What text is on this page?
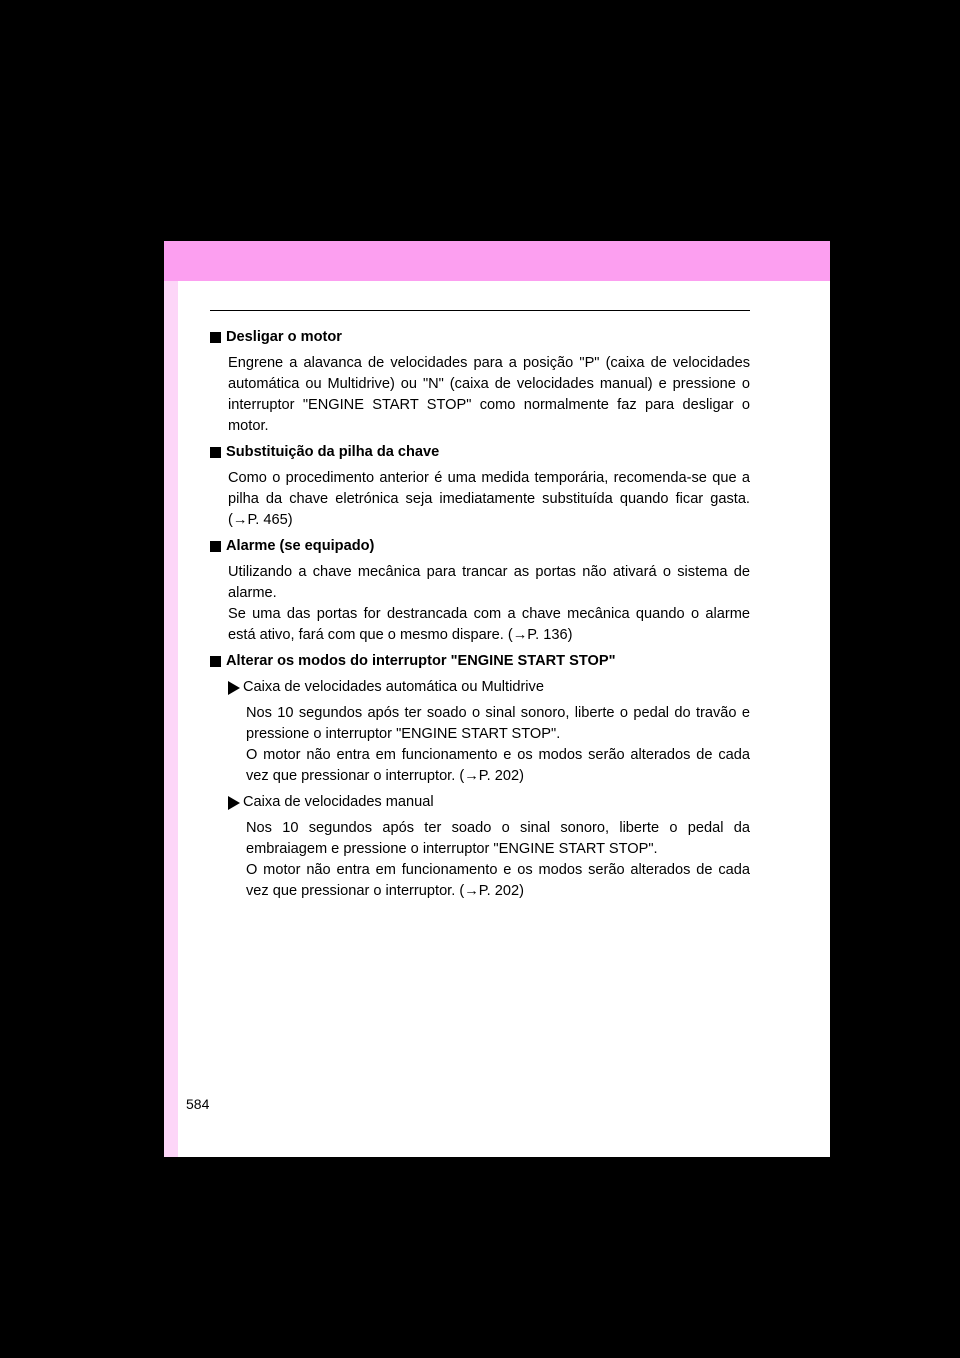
Desligar o motor
Engrene a alavanca de velocidades para a posição "P" (caixa de velocidades automática ou Multidrive) ou "N" (caixa de velocidades manual) e pressione o interruptor "ENGINE START STOP" como normalmente faz para desligar o motor.
Substituição da pilha da chave
Como o procedimento anterior é uma medida temporária, recomenda-se que a pilha da chave eletrónica seja imediatamente substituída quando ficar gasta. (→P. 465)
Alarme (se equipado)
Utilizando a chave mecânica para trancar as portas não ativará o sistema de alarme.
Se uma das portas for destrancada com a chave mecânica quando o alarme está ativo, fará com que o mesmo dispare. (→P. 136)
Alterar os modos do interruptor "ENGINE START STOP"
Caixa de velocidades automática ou Multidrive
Nos 10 segundos após ter soado o sinal sonoro, liberte o pedal do travão e pressione o interruptor "ENGINE START STOP".
O motor não entra em funcionamento e os modos serão alterados de cada vez que pressionar o interruptor. (→P. 202)
Caixa de velocidades manual
Nos 10 segundos após ter soado o sinal sonoro, liberte o pedal da embraiagem e pressione o interruptor "ENGINE START STOP".
O motor não entra em funcionamento e os modos serão alterados de cada vez que pressionar o interruptor. (→P. 202)
584
